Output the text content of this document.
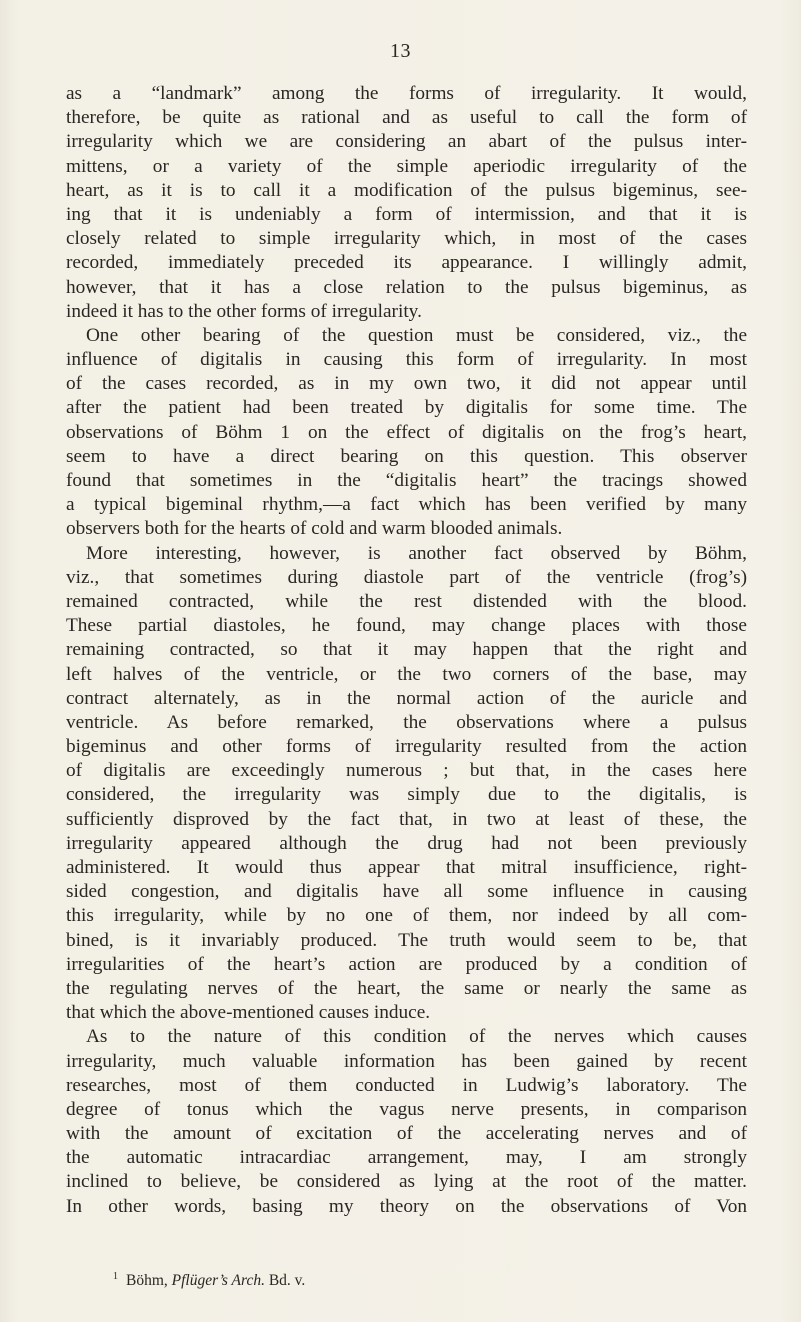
13
as a “landmark” among the forms of irregularity. It would,
therefore, be quite as rational and as useful to call the form of
irregularity which we are considering an abart of the pulsus inter-
mittens, or a variety of the simple aperiodic irregularity of the
heart, as it is to call it a modification of the pulsus bigeminus, see-
ing that it is undeniably a form of intermission, and that it is
closely related to simple irregularity which, in most of the cases
recorded, immediately preceded its appearance. I willingly admit,
however, that it has a close relation to the pulsus bigeminus, as
indeed it has to the other forms of irregularity.
One other bearing of the question must be considered, viz., the
influence of digitalis in causing this form of irregularity. In most
of the cases recorded, as in my own two, it did not appear until
after the patient had been treated by digitalis for some time. The
observations of Böhm 1 on the effect of digitalis on the frog’s heart,
seem to have a direct bearing on this question. This observer
found that sometimes in the “digitalis heart” the tracings showed
a typical bigeminal rhythm,—a fact which has been verified by many
observers both for the hearts of cold and warm blooded animals.
More interesting, however, is another fact observed by Böhm,
viz., that sometimes during diastole part of the ventricle (frog’s)
remained contracted, while the rest distended with the blood.
These partial diastoles, he found, may change places with those
remaining contracted, so that it may happen that the right and
left halves of the ventricle, or the two corners of the base, may
contract alternately, as in the normal action of the auricle and
ventricle. As before remarked, the observations where a pulsus
bigeminus and other forms of irregularity resulted from the action
of digitalis are exceedingly numerous ; but that, in the cases here
considered, the irregularity was simply due to the digitalis, is
sufficiently disproved by the fact that, in two at least of these, the
irregularity appeared although the drug had not been previously
administered. It would thus appear that mitral insufficience, right-
sided congestion, and digitalis have all some influence in causing
this irregularity, while by no one of them, nor indeed by all com-
bined, is it invariably produced. The truth would seem to be, that
irregularities of the heart’s action are produced by a condition of
the regulating nerves of the heart, the same or nearly the same as
that which the above-mentioned causes induce.
As to the nature of this condition of the nerves which causes
irregularity, much valuable information has been gained by recent
researches, most of them conducted in Ludwig’s laboratory. The
degree of tonus which the vagus nerve presents, in comparison
with the amount of excitation of the accelerating nerves and of
the automatic intracardiac arrangement, may, I am strongly
inclined to believe, be considered as lying at the root of the matter.
In other words, basing my theory on the observations of Von
$^1$ Böhm, Pflüger’s Arch. Bd. v.
